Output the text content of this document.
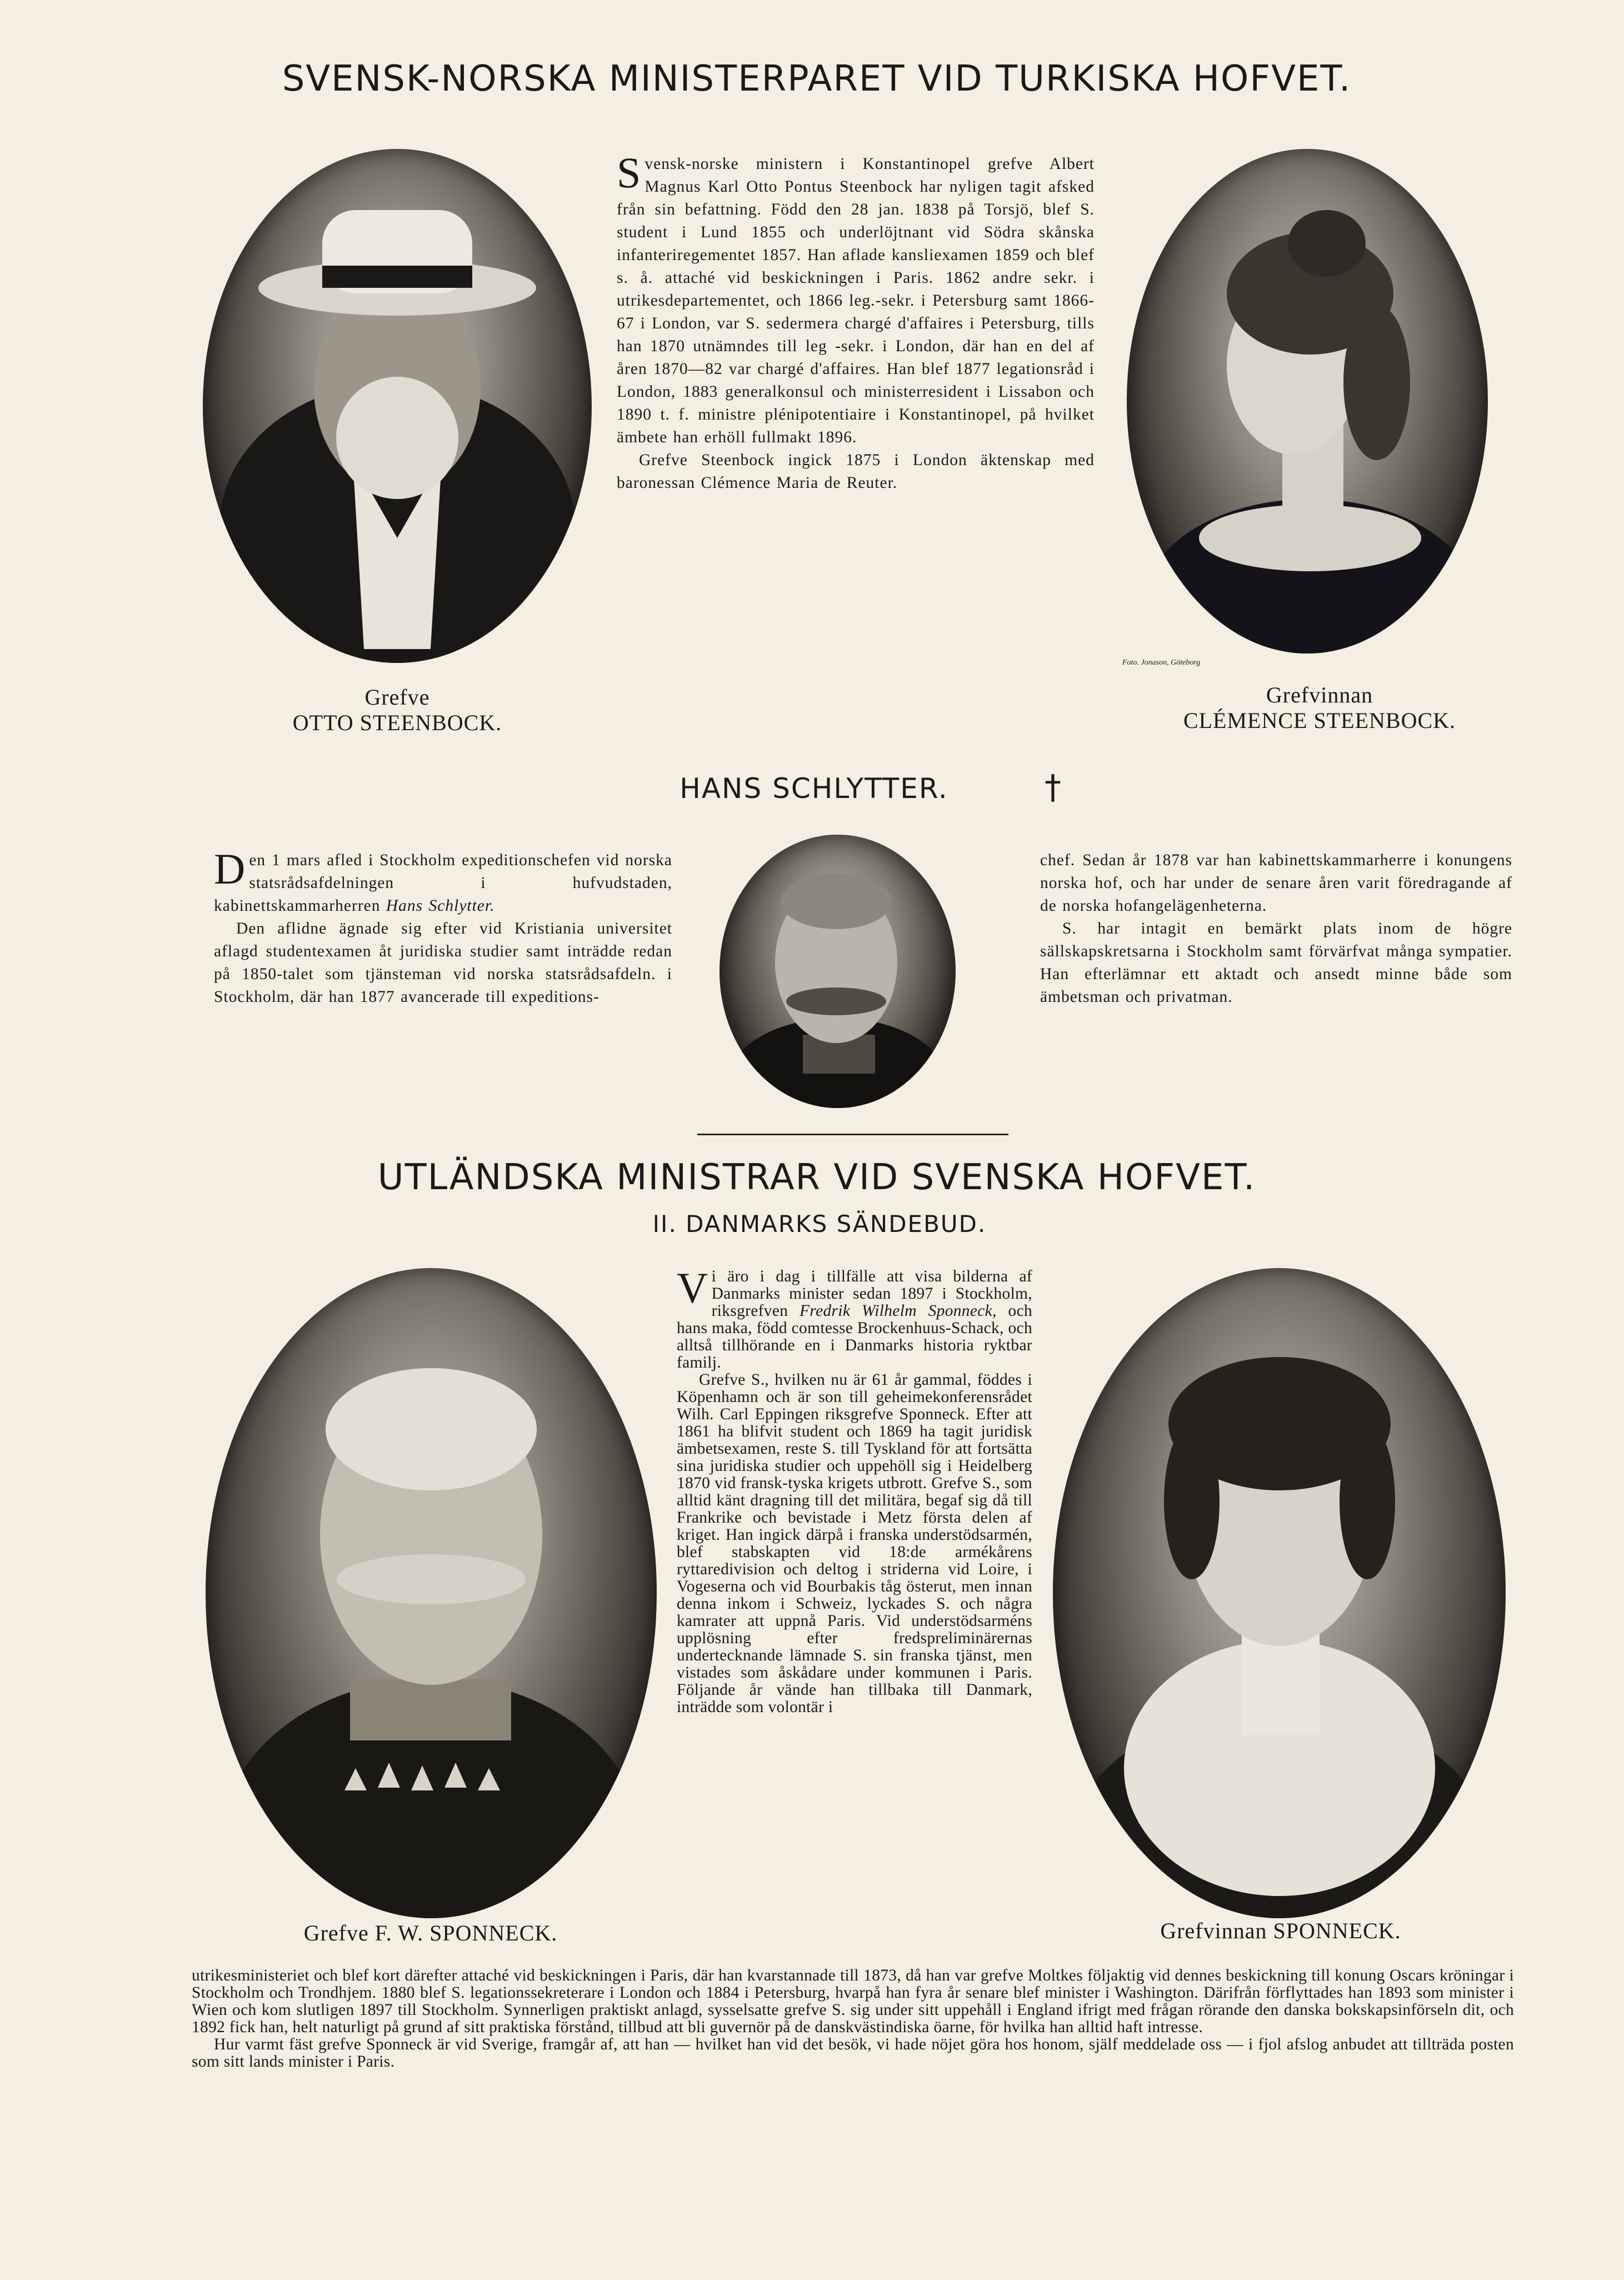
SVENSK-NORSKA MINISTERPARET VID TURKISKA HOFVET.
Grefve
OTTO STEENBOCK.

Svensk-norske ministern i Konstantinopel grefve Albert Magnus Karl Otto Pontus Steenbock har nyligen tagit afsked från sin befattning. Född den 28 jan. 1838 på Torsjö, blef S. student i Lund 1855 och underlöjtnant vid Södra skånska infanteriregementet 1857. Han aflade kansliexamen 1859 och blef s. å. attaché vid beskickningen i Paris. 1862 andre sekr. i utrikesdepartementet, och 1866 leg.-sekr. i Petersburg samt 1866-67 i London, var S. sedermera chargé d'affaires i Petersburg, tills han 1870 utnämndes till leg -sekr. i London, där han en del af åren 1870—82 var chargé d'affaires. Han blef 1877 legationsråd i London, 1883 generalkonsul och ministerresident i Lissabon och 1890 t. f. ministre plénipotentiaire i Konstantinopel, på hvilket ämbete han erhöll fullmakt 1896.

Grefve Steenbock ingick 1875 i London äktenskap med baronessan Clémence Maria de Reuter.

Foto. Jonason, Göteborg
Grefvinnan
CLÉMENCE STEENBOCK.
HANS SCHLYTTER.	†

Den 1 mars afled i Stockholm expeditionschefen vid norska statsrådsafdelningen i hufvudstaden, kabinettskammarherren Hans Schlytter.

Den aflidne ägnade sig efter vid Kristiania universitet aflagd studentexamen åt juridiska studier samt inträdde redan på 1850-talet som tjänsteman vid norska statsrådsafdeln. i Stockholm, där han 1877 avancerade till expeditions-

chef. Sedan år 1878 var han kabinettskammarherre i konungens norska hof, och har under de senare åren varit föredragande af de norska hofangelägenheterna.

S. har intagit en bemärkt plats inom de högre sällskapskretsarna i Stockholm samt förvärfvat många sympatier. Han efterlämnar ett aktadt och ansedt minne både som ämbetsman och privatman.

UTLÄNDSKA MINISTRAR VID SVENSKA HOFVET.
II. DANMARKS SÄNDEBUD.
Grefve F. W. SPONNECK.

Vi äro i dag i tillfälle att visa bilderna af Danmarks minister sedan 1897 i Stockholm, riksgrefven Fredrik Wilhelm Sponneck, och hans maka, född comtesse Brockenhuus-Schack, och alltså tillhörande en i Danmarks historia ryktbar familj.

Grefve S., hvilken nu är 61 år gammal, föddes i Köpenhamn och är son till geheimekonferensrådet Wilh. Carl Eppingen riksgrefve Sponneck. Efter att 1861 ha blifvit student och 1869 ha tagit juridisk ämbetsexamen, reste S. till Tyskland för att fortsätta sina juridiska studier och uppehöll sig i Heidelberg 1870 vid fransk-tyska krigets utbrott. Grefve S., som alltid känt dragning till det militära, begaf sig då till Frankrike och bevistade i Metz första delen af kriget. Han ingick därpå i franska understödsarmén, blef stabskapten vid 18:de armékårens ryttaredivision och deltog i striderna vid Loire, i Vogeserna och vid Bourbakis tåg österut, men innan denna inkom i Schweiz, lyckades S. och några kamrater att uppnå Paris. Vid understödsarméns upplösning efter fredspreliminärernas undertecknande lämnade S. sin franska tjänst, men vistades som åskådare under kommunen i Paris. Följande år vände han tillbaka till Danmark, inträdde som volontär i

Grefvinnan SPONNECK.

utrikesministeriet och blef kort därefter attaché vid beskickningen i Paris, där han kvarstannade till 1873, då han var grefve Moltkes följaktig vid dennes beskickning till konung Oscars kröningar i Stockholm och Trondhjem. 1880 blef S. legationssekreterare i London och 1884 i Petersburg, hvarpå han fyra år senare blef minister i Washington. Därifrån förflyttades han 1893 som minister i Wien och kom slutligen 1897 till Stockholm. Synnerligen praktiskt anlagd, sysselsatte grefve S. sig under sitt uppehåll i England ifrigt med frågan rörande den danska bokskapsinförseln dit, och 1892 fick han, helt naturligt på grund af sitt praktiska förstånd, tillbud att bli guvernör på de danskvästindiska öarne, för hvilka han alltid haft intresse.

Hur varmt fäst grefve Sponneck är vid Sverige, framgår af, att han — hvilket han vid det besök, vi hade nöjet göra hos honom, själf meddelade oss — i fjol afslog anbudet att tillträda posten som sitt lands minister i Paris.
